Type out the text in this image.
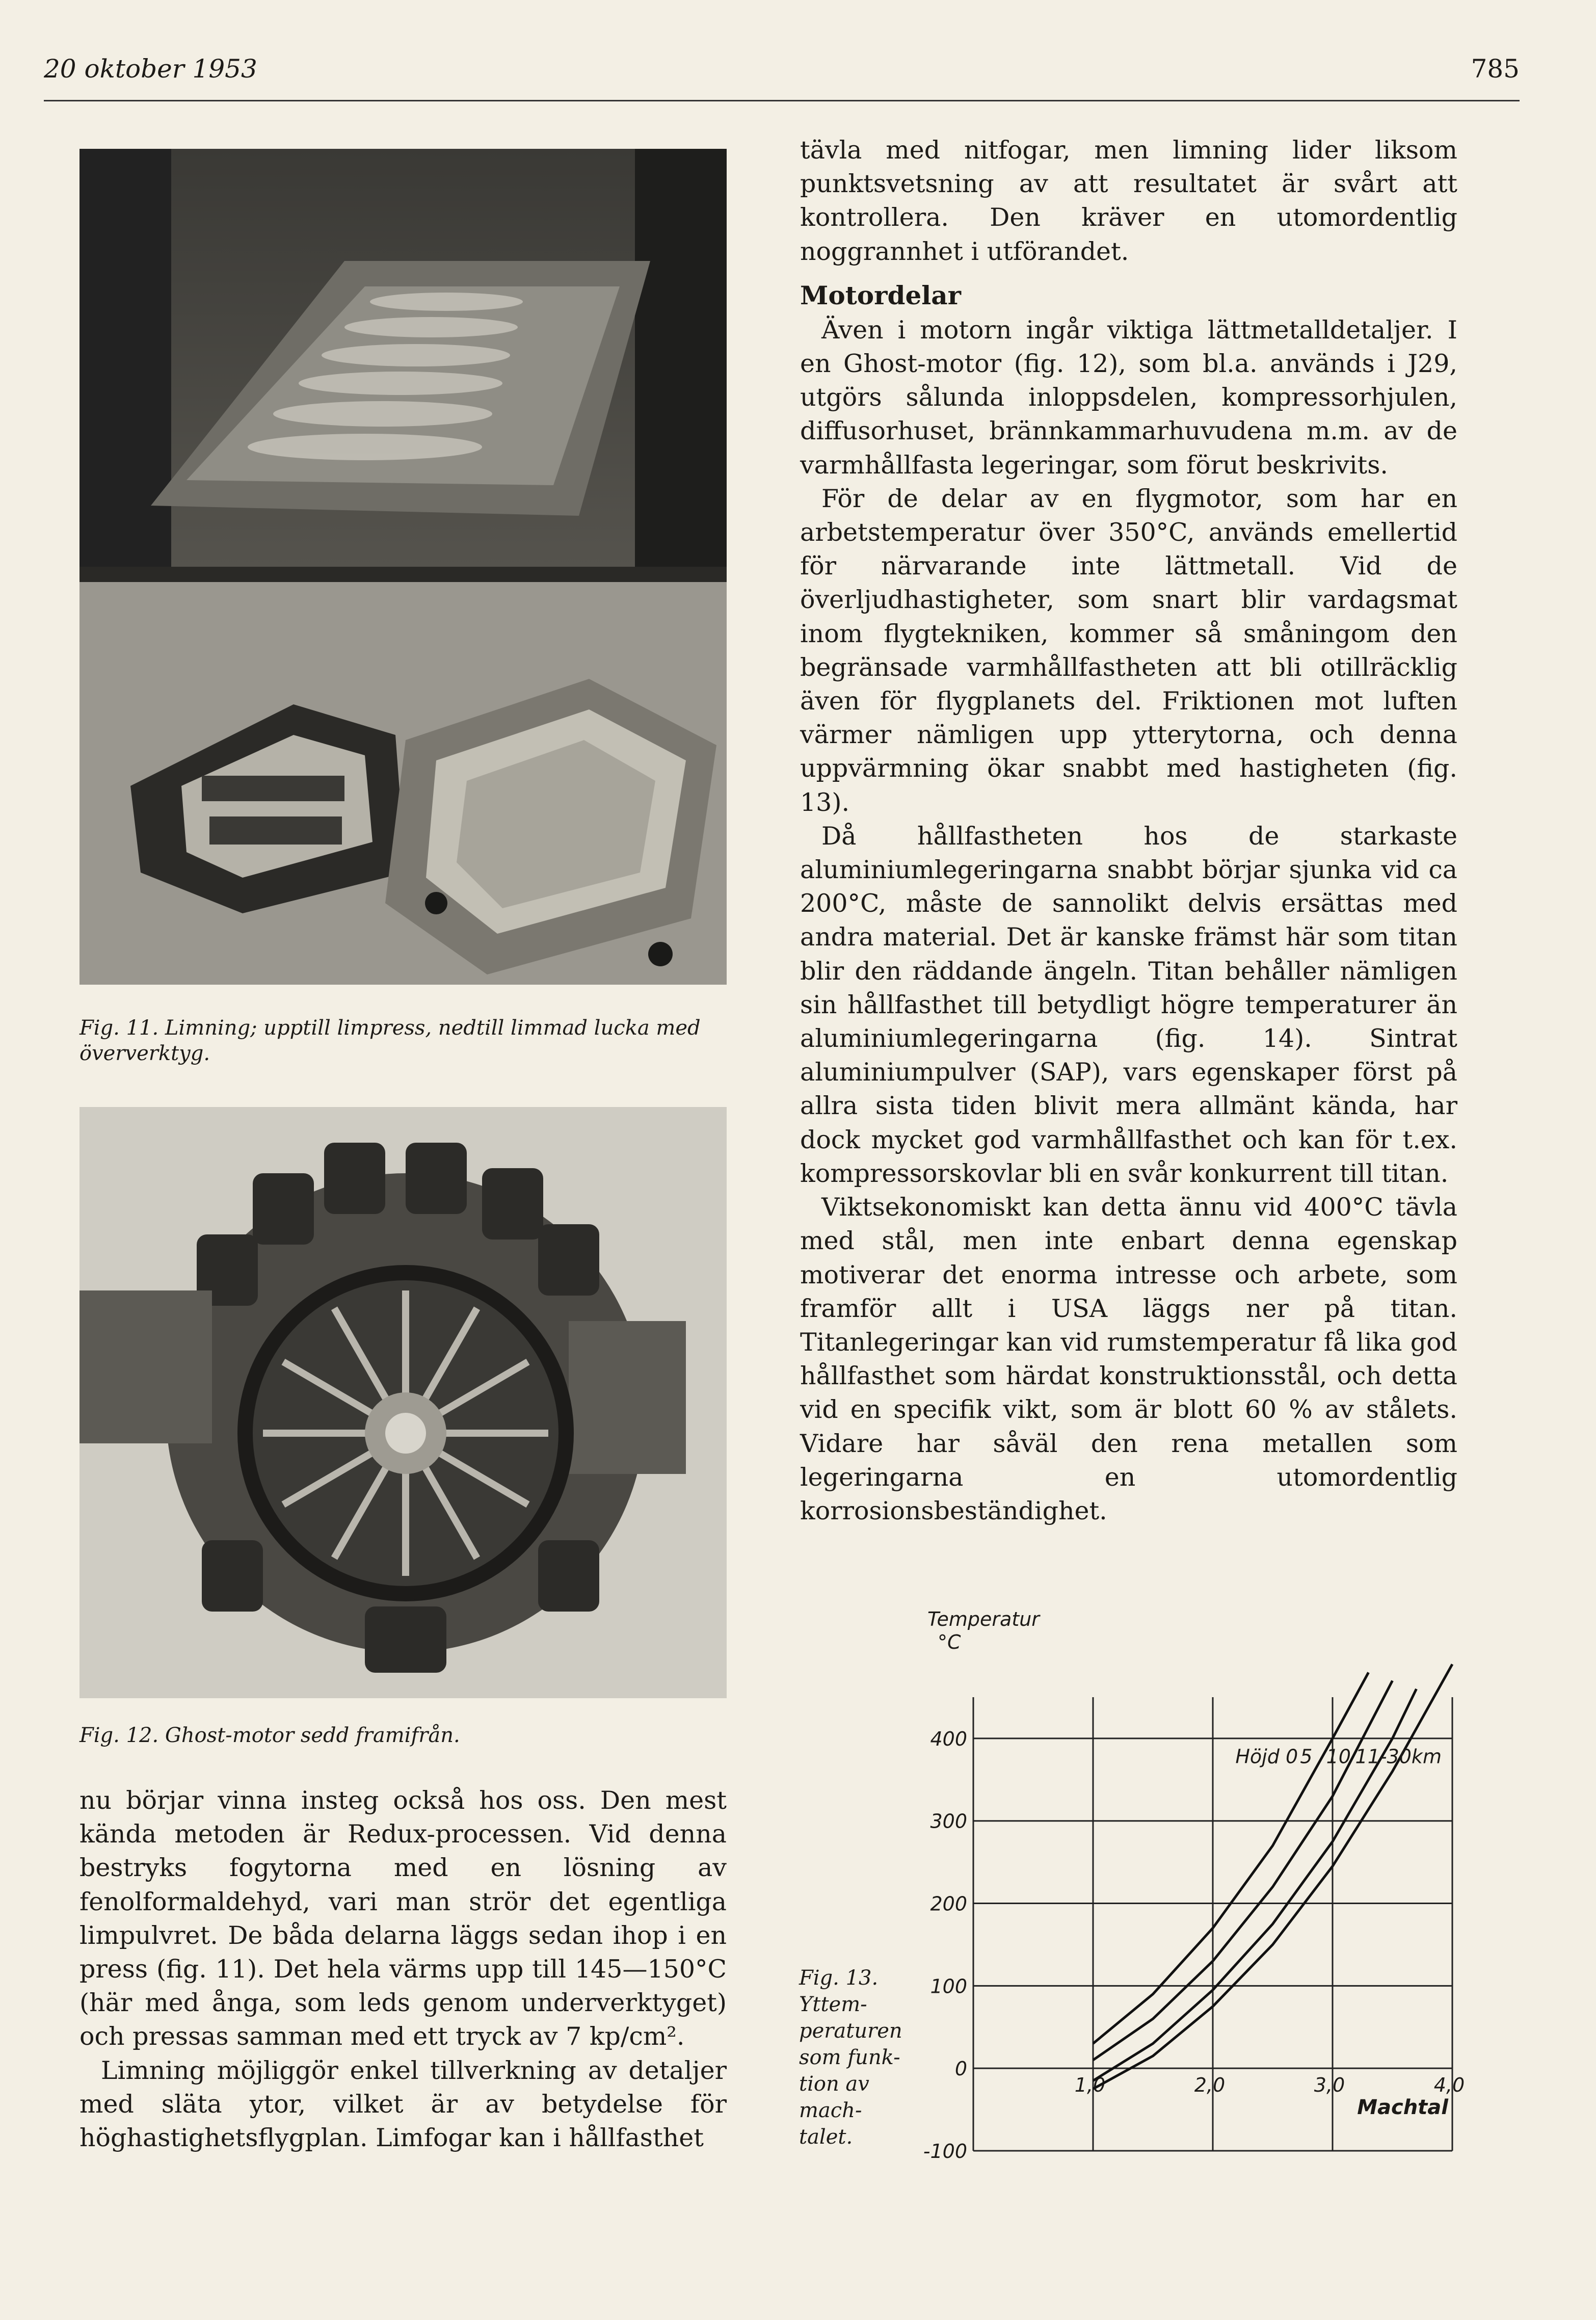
20 oktober 1953	785
Fig. 11. Limning; upptill limpress, nedtill limmad lucka med öververktyg.
Fig. 12. Ghost-motor sedd framifrån.

nu börjar vinna insteg också hos oss. Den mest kända metoden är Redux-processen. Vid denna bestryks fogytorna med en lösning av fenolformaldehyd, vari man strör det egentliga limpulvret. De båda delarna läggs sedan ihop i en press (fig. 11). Det hela värms upp till 145—150°C (här med ånga, som leds genom underverktyget) och pressas samman med ett tryck av 7 kp/cm².

Limning möjliggör enkel tillverkning av detaljer med släta ytor, vilket är av betydelse för höghastighetsflygplan. Limfogar kan i hållfasthet

tävla med nitfogar, men limning lider liksom punktsvetsning av att resultatet är svårt att kontrollera. Den kräver en utomordentlig noggrannhet i utförandet.

Motordelar

Även i motorn ingår viktiga lättmetalldetaljer. I en Ghost-motor (fig. 12), som bl.a. används i J29, utgörs sålunda inloppsdelen, kompressorhjulen, diffusorhuset, brännkammarhuvudena m.m. av de varmhållfasta legeringar, som förut beskrivits.

För de delar av en flygmotor, som har en arbetstemperatur över 350°C, används emellertid för närvarande inte lättmetall. Vid de överljudhastigheter, som snart blir vardagsmat inom flygtekniken, kommer så småningom den begränsade varmhållfastheten att bli otillräcklig även för flygplanets del. Friktionen mot luften värmer nämligen upp ytterytorna, och denna uppvärmning ökar snabbt med hastigheten (fig. 13).

Då hållfastheten hos de starkaste aluminiumlegeringarna snabbt börjar sjunka vid ca 200°C, måste de sannolikt delvis ersättas med andra material. Det är kanske främst här som titan blir den räddande ängeln. Titan behåller nämligen sin hållfasthet till betydligt högre temperaturer än aluminiumlegeringarna (fig. 14). Sintrat aluminiumpulver (SAP), vars egenskaper först på allra sista tiden blivit mera allmänt kända, har dock mycket god varmhållfasthet och kan för t.ex. kompressorskovlar bli en svår konkurrent till titan.

Viktsekonomiskt kan detta ännu vid 400°C tävla med stål, men inte enbart denna egenskap motiverar det enorma intresse och arbete, som framför allt i USA läggs ner på titan. Titanlegeringar kan vid rumstemperatur få lika god hållfasthet som härdat konstruktionsstål, och detta vid en specifik vikt, som är blott 60 % av stålets. Vidare har såväl den rena metallen som legeringarna en utomordentlig korrosionsbeständighet.

Fig. 13.
Yttem-
peraturen
som funk-
tion av
mach-
talet.
Temperatur
°C
400
300
200
100
0
-100
1,0	2,0	3,0	4,0
Machtal
Höjd 0 5 10 11-30km
